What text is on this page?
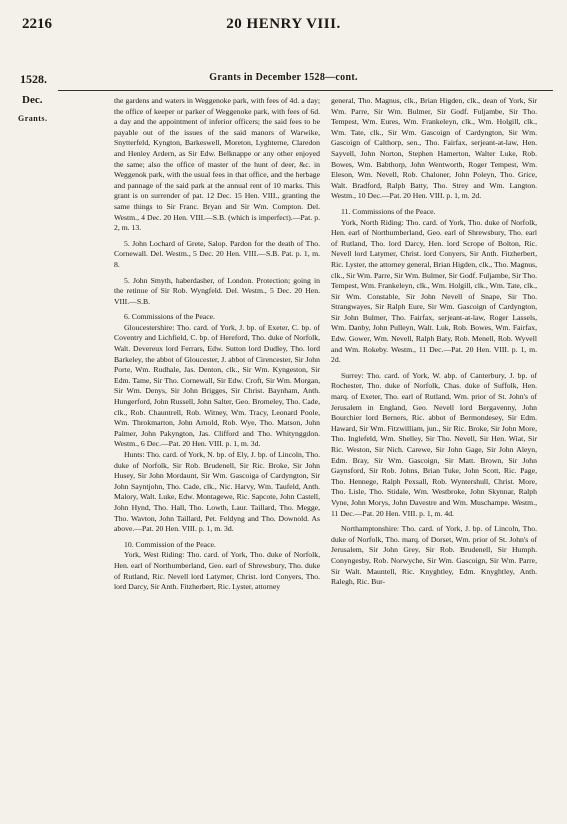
2216	20 HENRY VIII.
1528.	Grants in December 1528—cont.
Dec.
Grants.

the gardens and waters in Weggenoke park, with fees of 4d. a day; the office of keeper or parker of Weggenoke park, with fees of 6d. a day and the appointment of inferior officers; the said fees to be payable out of the issues of the said manors of Warwike, Snytterfeld, Kyngton, Barkeswell, Moreton, Lyghterne, Claredon and Henley Ardern, as Sir Edw. Belknappe or any other enjoyed the same; also the office of master of the hunt of deer, &c. in Weggenok park, with the usual fees in that office, and the herbage and pannage of the said park at the annual rent of 10 marks. This grant is on surrender of pat. 12 Dec. 15 Hen. VIII., granting the same things to Sir Franc. Bryan and Sir Wm. Compton. Del. Westm., 4 Dec. 20 Hen. VIII.—S.B. (which is imperfect).—Pat. p. 2, m. 13.

5. John Lochard of Grete, Salop. Pardon for the death of Tho. Cornewall. Del. Westm., 5 Dec. 20 Hen. VIII.—S.B. Pat. p. 1, m. 8.

5. John Smyth, haberdasher, of London. Protection; going in the retinue of Sir Rob. Wyngfeld. Del. Westm., 5 Dec. 20 Hen. VIII.—S.B.

6. Commissions of the Peace.

Gloucestershire: Tho. card. of York, J. bp. of Exeter, C. bp. of Coventry and Lichfield, C. bp. of Hereford, Tho. duke of Norfolk, Walt. Devereux lord Ferrars, Edw. Sutton lord Dudley, Tho. lord Barkeley, the abbot of Gloucester, J. abbot of Cirencester, Sir John Porte, Wm. Rudhale, Jas. Denton, clk., Sir Wm. Kyngeston, Sir Edm. Tame, Sir Tho. Cornewall, Sir Edw. Croft, Sir Wm. Morgan, Sir Wm. Denys, Sir John Brigges, Sir Christ. Baynham, Anth. Hungerford, John Russell, John Salter, Geo. Bromeley, Tho. Cade, clk., Rob. Chauntrell, Rob. Witney, Wm. Tracy, Leonard Poole, Wm. Throkmarton, John Arnold, Rob. Wye, Tho. Matson, John Palmer, John Pakyngton, Jas. Clifford and Tho. Whitynggdon. Westm., 6 Dec.—Pat. 20 Hen. VIII. p. 1, m. 3d.

Hunts: Tho. card. of York, N. bp. of Ely, J. bp. of Lincoln, Tho. duke of Norfolk, Sir Rob. Brudenell, Sir Ric. Broke, Sir John Husey, Sir John Mordaunt, Sir Wm. Gascoiga of Cardyngton, Sir John Sayntjohn, Tho. Cade, clk., Nic. Harvy, Wm. Taufeld, Anth. Malory, Walt. Luke, Edw. Montagewe, Ric. Sapcote, John Castell, John Hynd, Tho. Hall, Tho. Lowth, Laur. Taillard, Tho. Megge, Tho. Wavton, John Taillard, Pet. Feldyng and Tho. Downold. As above.—Pat. 20 Hen. VIII. p. 1, m. 3d.

10. Commission of the Peace.

York, West Riding: Tho. card. of York, Tho. duke of Norfolk, Hen. earl of Northumberland, Geo. earl of Shrewsbury, Tho. duke of Rutland, Ric. Nevell lord Latymer, Christ. lord Conyers, Tho. lord Darcy, Sir Anth. Fitzherbert, Ric. Lyster, attorney

general, Tho. Magnus, clk., Brian Higden, clk., dean of York, Sir Wm. Parre, Sir Wm. Bulmer, Sir Godf. Fuljambe, Sir Tho. Tempest, Wm. Eures, Wm. Frankeleyn, clk., Wm. Holgill, clk., Wm. Tate, clk., Sir Wm. Gascoign of Cardyngton, Sir Wm. Gascoign of Calthorp, sen., Tho. Fairfax, serjeant-at-law, Hen. Sayvell, John Norton, Stephen Hamerton, Walter Luke, Rob. Bowes, Wm. Babthorp, John Wentworth, Roger Tempest, Wm. Eleson, Wm. Nevell, Rob. Chaloner, John Poleyn, Tho. Grice, Walt. Bradford, Ralph Batty, Tho. Strey and Wm. Langton. Westm., 10 Dec.—Pat. 20 Hen. VIII. p. 1, m. 2d.

11. Commissions of the Peace.

York, North Riding: Tho. card. of York, Tho. duke of Norfolk, Hen. earl of Northumberland, Geo. earl of Shrewsbury, Tho. earl of Rutland, Tho. lord Darcy, Hen. lord Scrope of Bolton, Ric. Nevell lord Latymer, Christ. lord Conyers, Sir Anth. Fitzherbert, Ric. Lyster, the attorney general, Brian Higden, clk., Tho. Magnus, clk., Sir Wm. Parre, Sir Wm. Bulmer, Sir Godf. Fuljambe, Sir Tho. Tempest, Wm. Frankeleyn, clk., Wm. Holgill, clk., Wm. Tate, clk., Sir Wm. Constable, Sir John Nevell of Snape, Sir Tho. Strangwayes, Sir Ralph Eure, Sir Wm. Gascoign of Cardyngton, Sir John Bulmer, Tho. Fairfax, serjeant-at-law, Roger Lassels, Wm. Danby, John Pulleyn, Walt. Luk, Rob. Bowes, Wm. Fairfax, Edw. Gower, Wm. Nevell, Ralph Baty, Rob. Menell, Rob. Wyvell and Wm. Rokeby. Westm., 11 Dec.—Pat. 20 Hen. VIII. p. 1, m. 2d.

Surrey: Tho. card. of York, W. abp. of Canterbury, J. bp. of Rochester, Tho. duke of Norfolk, Chas. duke of Suffolk, Hen. marq. of Exeter, Tho. earl of Rutland, Wm. prior of St. John's of Jerusalem in England, Geo. Nevell lord Bergavenny, John Bourchier lord Berners, Ric. abbot of Bermondesey, Sir Edm. Haward, Sir Wm. Fitzwilliam, jun., Sir Ric. Broke, Sir John More, Tho. Inglefeld, Wm. Shelley, Sir Tho. Nevell, Sir Hen. Wiat, Sir Ric. Weston, Sir Nich. Carewe, Sir John Gage, Sir John Aleyn, Edm. Bray, Sir Wm. Gascoign, Sir Matt. Brown, Sir John Gaynsford, Sir Rob. Johns, Brian Tuke, John Scott, Ric. Page, Tho. Hennege, Ralph Pexsall, Rob. Wyntershull, Christ. More, Tho. Lisle, Tho. Stidale, Wm. Westbroke, John Skynnar, Ralph Vyne, John Morys, John Davestre and Wm. Muschampe. Westm., 11 Dec.—Pat. 20 Hen. VIII. p. 1, m. 4d.

Northamptonshire: Tho. card. of York, J. bp. of Lincoln, Tho. duke of Norfolk, Tho. marq. of Dorset, Wm. prior of St. John's of Jerusalem, Sir John Grey, Sir Rob. Brudenell, Sir Humph. Conyngesby, Rob. Norwyche, Sir Wm. Gascoign, Sir Wm. Parre, Sir Walt. Mauntell, Ric. Knyghtley, Edm. Knyghtley, Anth. Ralegh, Ric. Bur-
